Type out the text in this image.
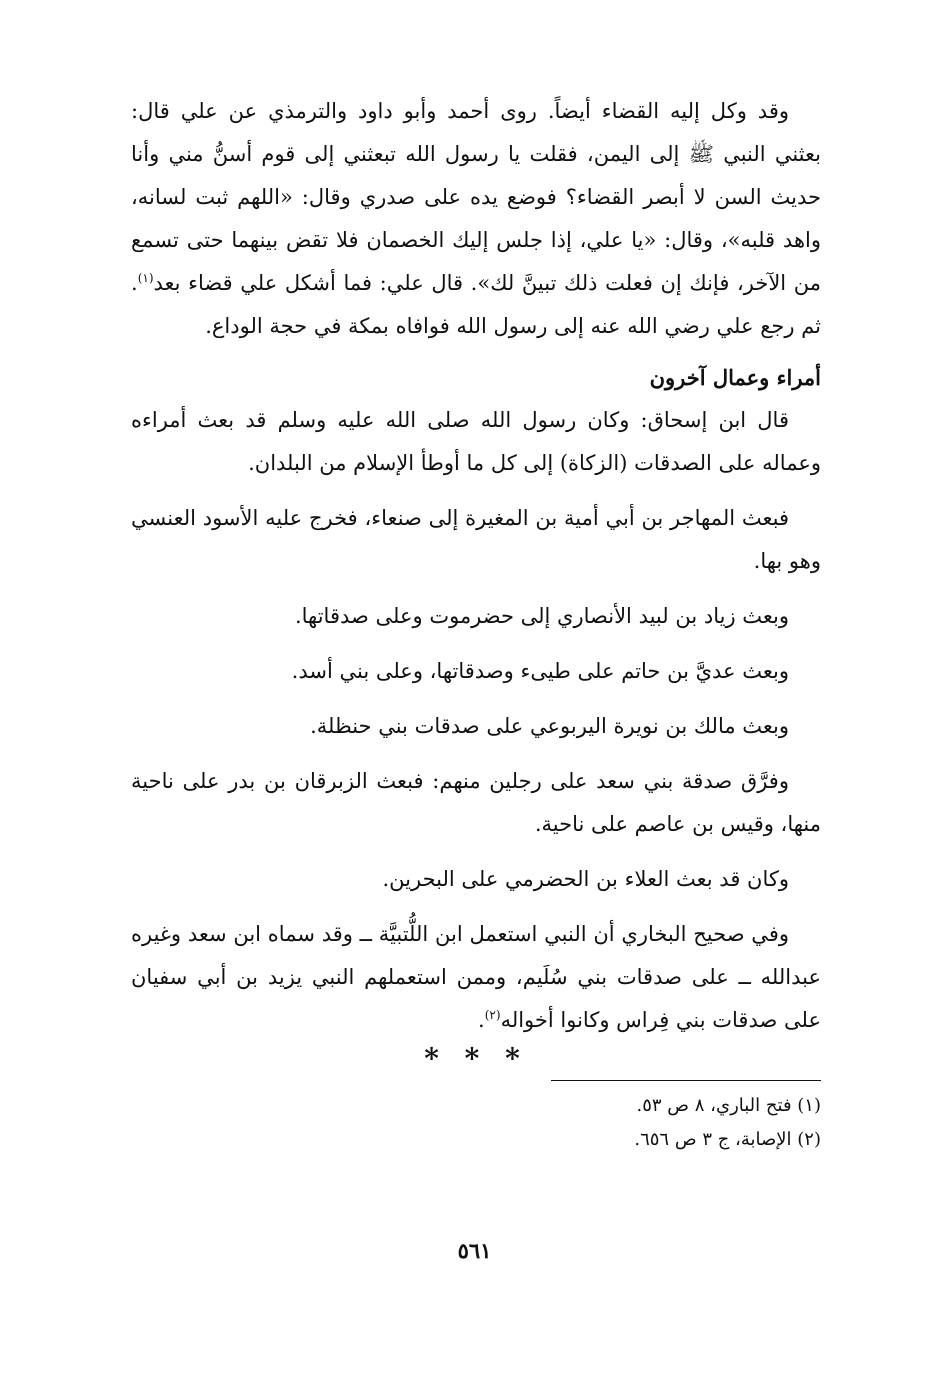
وقد وكل إليه القضاء أيضاً. روى أحمد وأبو داود والترمذي عن علي قال: بعثني النبي ﷺ إلى اليمن، فقلت يا رسول الله تبعثني إلى قوم أسنُّ مني وأنا حديث السن لا أبصر القضاء؟ فوضع يده على صدري وقال: «اللهم ثبت لسانه، واهد قلبه»، وقال: «يا علي، إذا جلس إليك الخصمان فلا تقض بينهما حتى تسمع من الآخر، فإنك إن فعلت ذلك تبينَّ لك». قال علي: فما أشكل علي قضاء بعد$^{(١)}$. ثم رجع علي رضي الله عنه إلى رسول الله فوافاه بمكة في حجة الوداع.

أمراء وعمال آخرون

قال ابن إسحاق: وكان رسول الله صلى الله عليه وسلم قد بعث أمراءه وعماله على الصدقات (الزكاة) إلى كل ما أوطأ الإسلام من البلدان.

فبعث المهاجر بن أبي أمية بن المغيرة إلى صنعاء، فخرج عليه الأسود العنسي وهو بها.

وبعث زياد بن لبيد الأنصاري إلى حضرموت وعلى صدقاتها.

وبعث عديَّ بن حاتم على طيىء وصدقاتها، وعلى بني أسد.

وبعث مالك بن نويرة اليربوعي على صدقات بني حنظلة.

وفرَّق صدقة بني سعد على رجلين منهم: فبعث الزبرقان بن بدر على ناحية منها، وقيس بن عاصم على ناحية.

وكان قد بعث العلاء بن الحضرمي على البحرين.

وفي صحيح البخاري أن النبي استعمل ابن اللُّتبيَّة ــ وقد سماه ابن سعد وغيره عبدالله ــ على صدقات بني سُلَيم، وممن استعملهم النبي يزيد بن أبي سفيان على صدقات بني فِراس وكانوا أخواله$^{(٢)}$.

* * *

(١) فتح الباري، ٨ ص ٥٣.

(٢) الإصابة، ج ٣ ص ٦٥٦.

٥٦١
